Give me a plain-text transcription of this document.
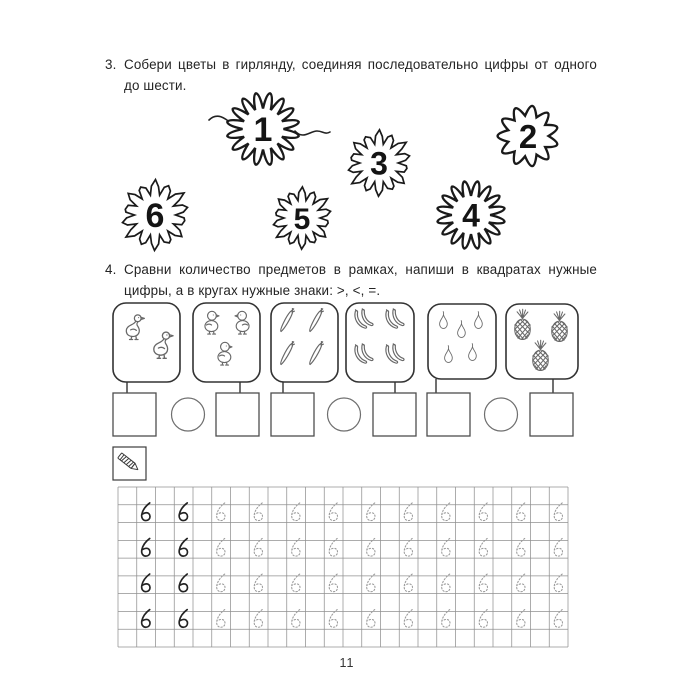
1	2
3
4
5
6
3. Собери цветы в гирлянду, соединяя последовательно цифры от одного до шести.

4. Сравни количество предметов в рамках, напиши в квадратах нужные цифры, а в кругах нужные знаки: >, <, =.

11
